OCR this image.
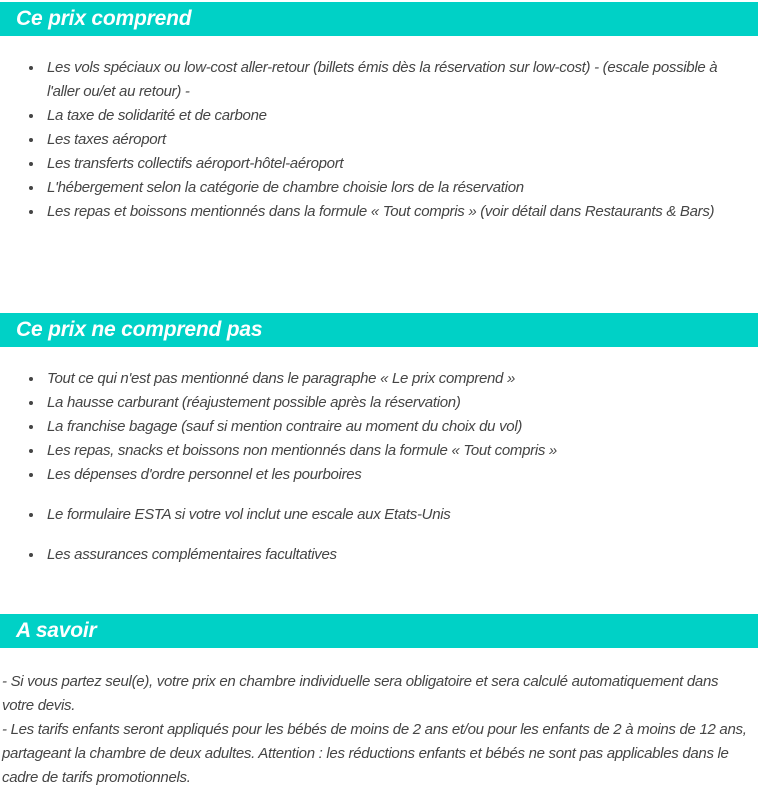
Ce prix comprend
• Les vols spéciaux ou low-cost aller-retour (billets émis dès la réservation sur low-cost) - (escale possible à l'aller ou/et au retour) -
• La taxe de solidarité et de carbone
• Les taxes aéroport
• Les transferts collectifs aéroport-hôtel-aéroport
• L'hébergement selon la catégorie de chambre choisie lors de la réservation
• Les repas et boissons mentionnés dans la formule « Tout compris » (voir détail dans Restaurants & Bars)
Ce prix ne comprend pas
• Tout ce qui n'est pas mentionné dans le paragraphe « Le prix comprend »
• La hausse carburant (réajustement possible après la réservation)
• La franchise bagage (sauf si mention contraire au moment du choix du vol)
• Les repas, snacks et boissons non mentionnés dans la formule « Tout compris »
• Les dépenses d'ordre personnel et les pourboires
• Le formulaire ESTA si votre vol inclut une escale aux Etats-Unis
• Les assurances complémentaires facultatives
A savoir

- Si vous partez seul(e), votre prix en chambre individuelle sera obligatoire et sera calculé automatiquement dans votre devis.

- Les tarifs enfants seront appliqués pour les bébés de moins de 2 ans et/ou pour les enfants de 2 à moins de 12 ans, partageant la chambre de deux adultes. Attention : les réductions enfants et bébés ne sont pas applicables dans le cadre de tarifs promotionnels.
